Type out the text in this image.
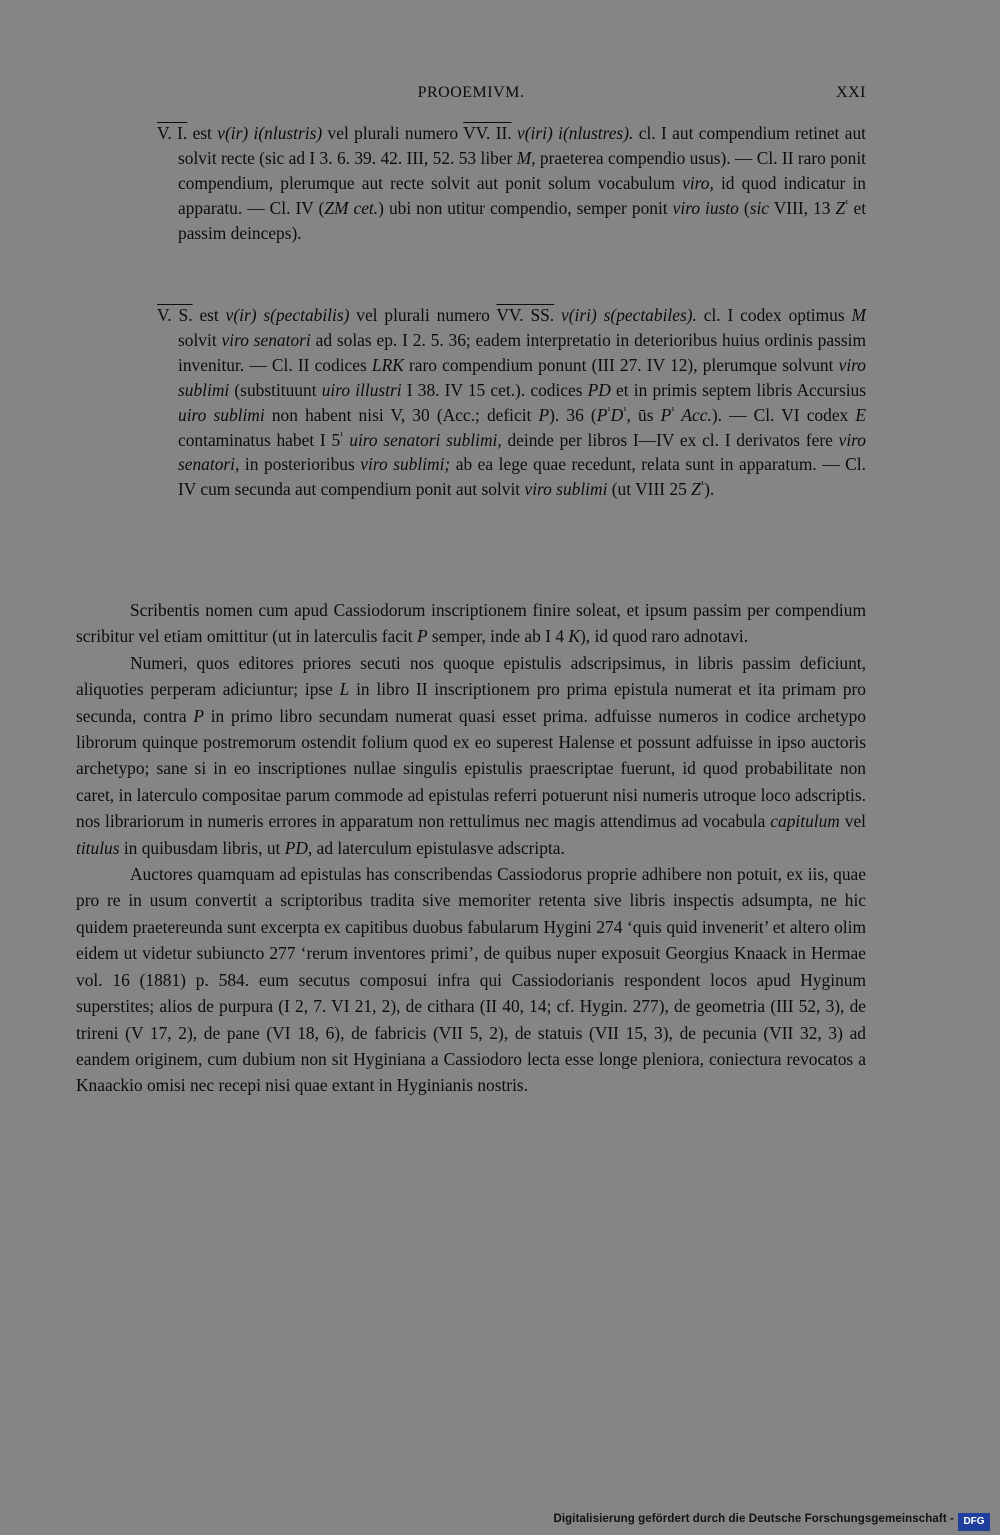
PROOEMIVM.	XXI
V. I. est v(ir) i(nlustris) vel plurali numero VV. II. v(iri) i(nlustres). cl. I aut compendium retinet aut solvit recte (sic ad I 3. 6. 39. 42. III, 52. 53 liber M, praeterea compendio usus). — Cl. II raro ponit compendium, plerumque aut recte solvit aut ponit solum vocabulum viro, id quod indicatur in apparatu. — Cl. IV (ZM cet.) ubi non utitur compendio, semper ponit viro iusto (sic VIII, 13 $Z^{^1}$ et passim deinceps).
V. S. est v(ir) s(pectabilis) vel plurali numero VV. SS. v(iri) s(pectabiles). cl. I codex optimus M solvit viro senatori ad solas ep. I 2. 5. 36; eadem interpretatio in deterioribus huius ordinis passim invenitur. — Cl. II codices LRK raro compendium ponunt (III 27. IV 12), plerumque solvunt viro sublimi (substituunt uiro illustri I 38. IV 15 cet.). codices PD et in primis septem libris Accursius uiro sublimi non habent nisi V, 30 (Acc.; deficit P). 36 ($P^{^1}D^{^1}$, ūs $P^{^1}$ Acc.). — Cl. VI codex E contaminatus habet I $5^{^1}$ uiro senatori sublimi, deinde per libros I—IV ex cl. I derivatos fere viro senatori, in posterioribus viro sublimi; ab ea lege quae recedunt, relata sunt in apparatum. — Cl. IV cum secunda aut compendium ponit aut solvit viro sublimi (ut VIII 25 $Z^{^1}$).

Scribentis nomen cum apud Cassiodorum inscriptionem finire soleat, et ipsum passim per compendium scribitur vel etiam omittitur (ut in laterculis facit P semper, inde ab I 4 K), id quod raro adnotavi.

Numeri, quos editores priores secuti nos quoque epistulis adscripsimus, in libris passim deficiunt, aliquoties perperam adiciuntur; ipse L in libro II inscriptionem pro prima epistula numerat et ita primam pro secunda, contra P in primo libro secundam numerat quasi esset prima. adfuisse numeros in codice archetypo librorum quinque postremorum ostendit folium quod ex eo superest Halense et possunt adfuisse in ipso auctoris archetypo; sane si in eo inscriptiones nullae singulis epistulis praescriptae fuerunt, id quod probabilitate non caret, in laterculo compositae parum commode ad epistulas referri potuerunt nisi numeris utroque loco adscriptis. nos librariorum in numeris errores in apparatum non rettulimus nec magis attendimus ad vocabula capitulum vel titulus in quibusdam libris, ut PD, ad laterculum epistulasve adscripta.

Auctores quamquam ad epistulas has conscribendas Cassiodorus proprie adhibere non potuit, ex iis, quae pro re in usum convertit a scriptoribus tradita sive memoriter retenta sive libris inspectis adsumpta, ne hic quidem praetereunda sunt excerpta ex capitibus duobus fabularum Hygini 274 ‘quis quid invenerit’ et altero olim eidem ut videtur subiuncto 277 ‘rerum inventores primi’, de quibus nuper exposuit Georgius Knaack in Hermae vol. 16 (1881) p. 584. eum secutus composui infra qui Cassiodorianis respondent locos apud Hyginum superstites; alios de purpura (I 2, 7. VI 21, 2), de cithara (II 40, 14; cf. Hygin. 277), de geometria (III 52, 3), de trireni (V 17, 2), de pane (VI 18, 6), de fabricis (VII 5, 2), de statuis (VII 15, 3), de pecunia (VII 32, 3) ad eandem originem, cum dubium non sit Hyginiana a Cassiodoro lecta esse longe pleniora, coniectura revocatos a Knaackio omisi nec recepi nisi quae extant in Hyginianis nostris.

Digitalisierung gefördert durch die Deutsche Forschungsgemeinschaft - DFG
